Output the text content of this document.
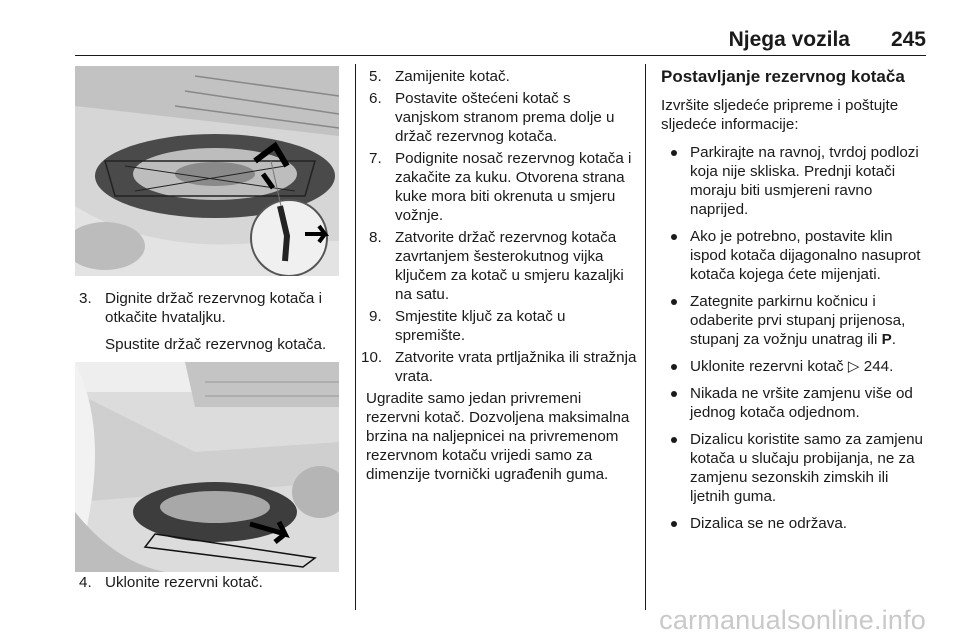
Njega vozila 245
3. Dignite držač rezervnog kotača i otkačite hvataljku.
Spustite držač rezervnog kotača.
4. Uklonite rezervni kotač.
5. Zamijenite kotač.
6. Postavite oštećeni kotač s vanjskom stranom prema dolje u držač rezervnog kotača.
7. Podignite nosač rezervnog kotača i zakačite za kuku. Otvorena strana kuke mora biti okrenuta u smjeru vožnje.
8. Zatvorite držač rezervnog kotača zavrtanjem šesterokutnog vijka ključem za kotač u smjeru kazaljki na satu.
9. Smjestite ključ za kotač u spremište.
10. Zatvorite vrata prtljažnika ili stražnja vrata.
Ugradite samo jedan privremeni rezervni kotač. Dozvoljena maksimalna brzina na naljepnicei na privremenom rezervnom kotaču vrijedi samo za dimenzije tvornički ugrađenih guma.
Postavljanje rezervnog kotača
Izvršite sljedeće pripreme i poštujte sljedeće informacije:
Parkirajte na ravnoj, tvrdoj podlozi koja nije skliska. Prednji kotači moraju biti usmjereni ravno naprijed.
Ako je potrebno, postavite klin ispod kotača dijagonalno nasuprot kotača kojega ćete mijenjati.
Zategnite parkirnu kočnicu i odaberite prvi stupanj prijenosa, stupanj za vožnju unatrag ili P.
Uklonite rezervni kotač ▷ 244.
Nikada ne vršite zamjenu više od jednog kotača odjednom.
Dizalicu koristite samo za zamjenu kotača u slučaju probijanja, ne za zamjenu sezonskih zimskih ili ljetnih guma.
Dizalica se ne održava.
carmanualsonline.info
